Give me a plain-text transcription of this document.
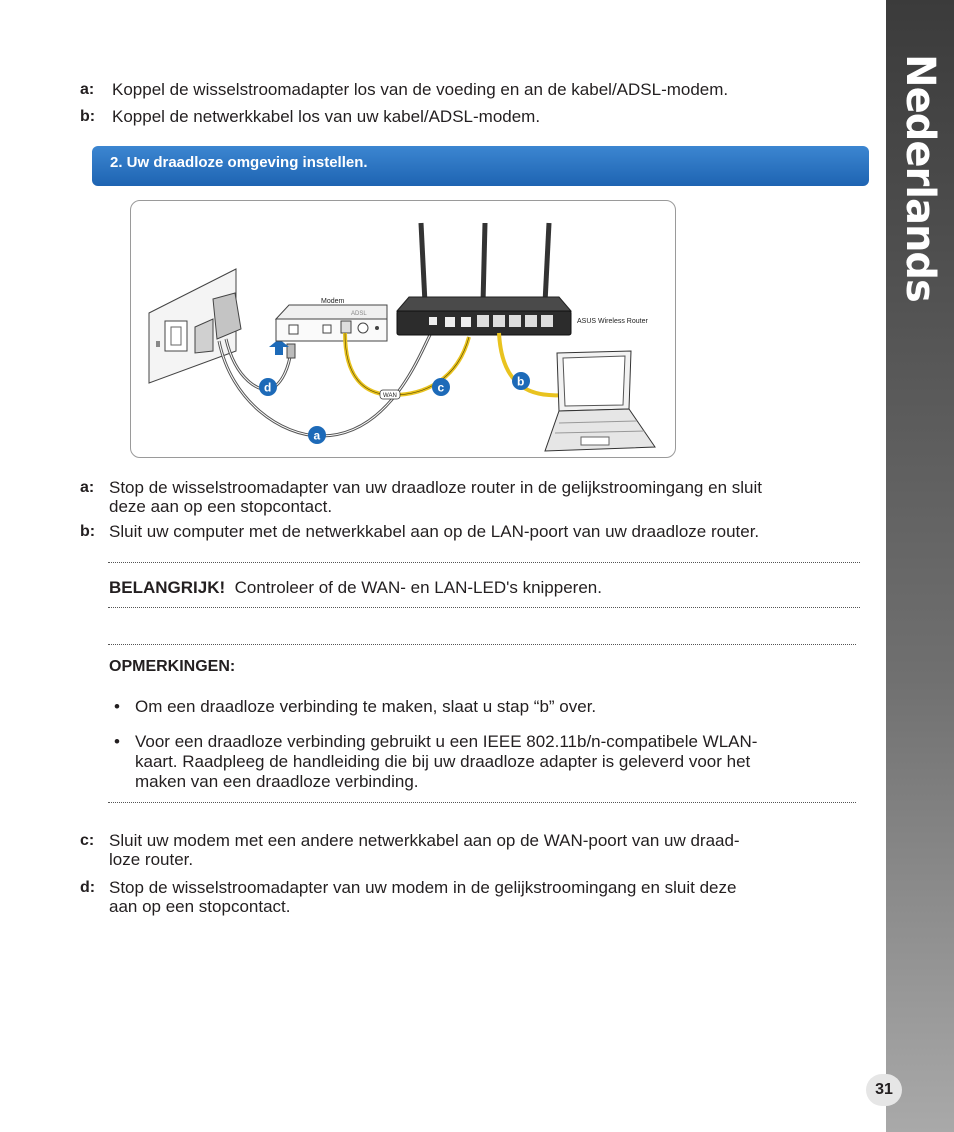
Nederlands
a: Koppel de wisselstroomadapter los van de voeding en an de kabel/ADSL-modem.
b: Koppel de netwerkkabel los van uw kabel/ADSL-modem.
2. Uw draadloze omgeving instellen.
Modem
ADSL
WAN
ASUS Wireless Router
d	c	b
a
a: Stop de wisselstroomadapter van uw draadloze router in de gelijkstroomingang en sluit
deze aan op een stopcontact.
b: Sluit uw computer met de netwerkkabel aan op de LAN-poort van uw draadloze router.
BELANGRIJK! Controleer of de WAN- en LAN-LED's knipperen.
OPMERKINGEN:
• Om een draadloze verbinding te maken, slaat u stap “b” over.
• Voor een draadloze verbinding gebruikt u een IEEE 802.11b/n-compatibele WLAN-
kaart. Raadpleeg de handleiding die bij uw draadloze adapter is geleverd voor het
maken van een draadloze verbinding.
c: Sluit uw modem met een andere netwerkkabel aan op de WAN-poort van uw draad-
loze router.
d: Stop de wisselstroomadapter van uw modem in de gelijkstroomingang en sluit deze
aan op een stopcontact.
31
